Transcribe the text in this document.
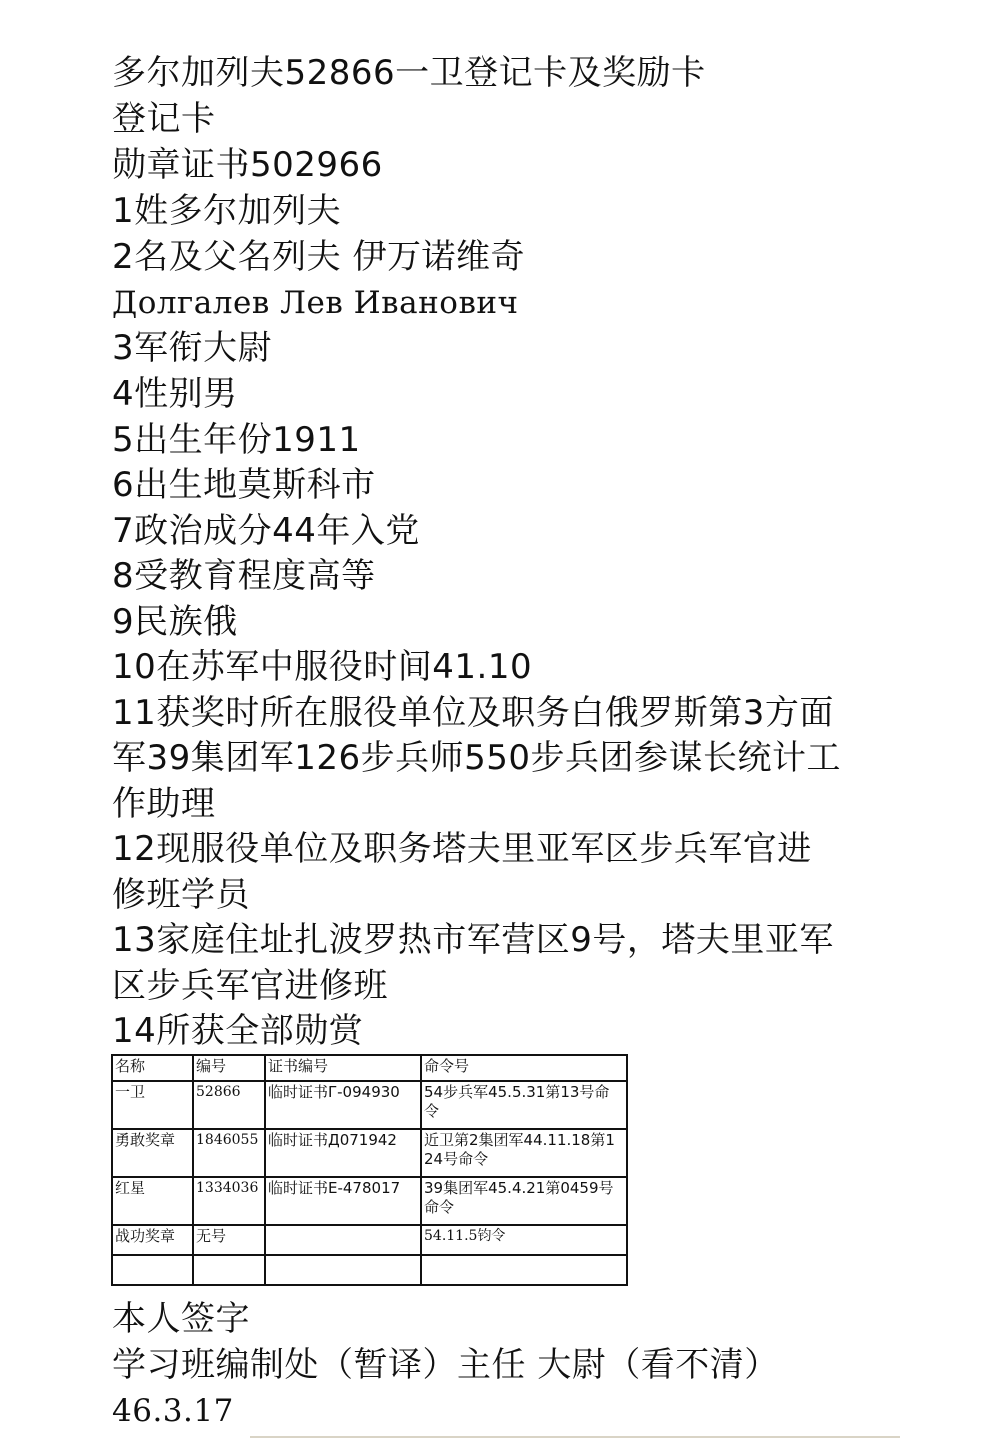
多尔加列夫52866一卫登记卡及奖励卡
登记卡
勋章证书502966
1姓多尔加列夫
2名及父名列夫 伊万诺维奇
Долгалев Лев Иванович
3军衔大尉
4性别男
5出生年份1911
6出生地莫斯科市
7政治成分44年入党
8受教育程度高等
9民族俄
10在苏军中服役时间41.10
11获奖时所在服役单位及职务白俄罗斯第3方面
军39集团军126步兵师550步兵团参谋长统计工
作助理
12现服役单位及职务塔夫里亚军区步兵军官进
修班学员
13家庭住址扎波罗热市军营区9号，塔夫里亚军
区步兵军官进修班
14所获全部勋赏
名称	编号	证书编号	命令号
一卫	52866	临时证书Г-094930	54步兵军45.5.31第13号命令
勇敢奖章	1846055	临时证书Д071942	近卫第2集团军44.11.18第124号命令
红星	1334036	临时证书Е-478017	39集团军45.4.21第0459号命令
战功奖章	无号		54.11.5钧令

本人签字
学习班编制处（暂译）主任 大尉（看不清）
46.3.17
